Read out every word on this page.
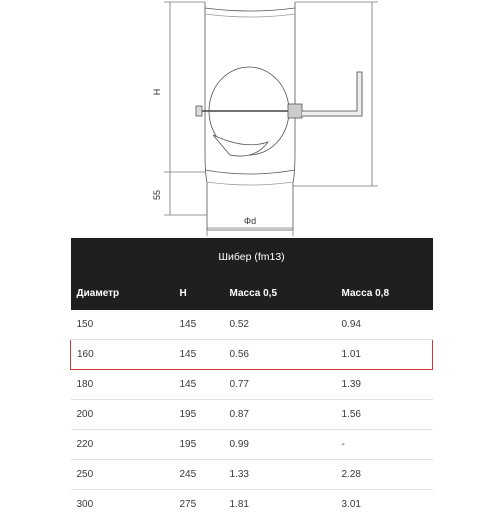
H
55
Φd
Шибер (fm13)			
Диаметр	H	Масса 0,5	Масса 0,8
150	145	0.52	0.94
160	145	0.56	1.01
180	145	0.77	1.39
200	195	0.87	1.56
220	195	0.99	-
250	245	1.33	2.28
300	275	1.81	3.01
